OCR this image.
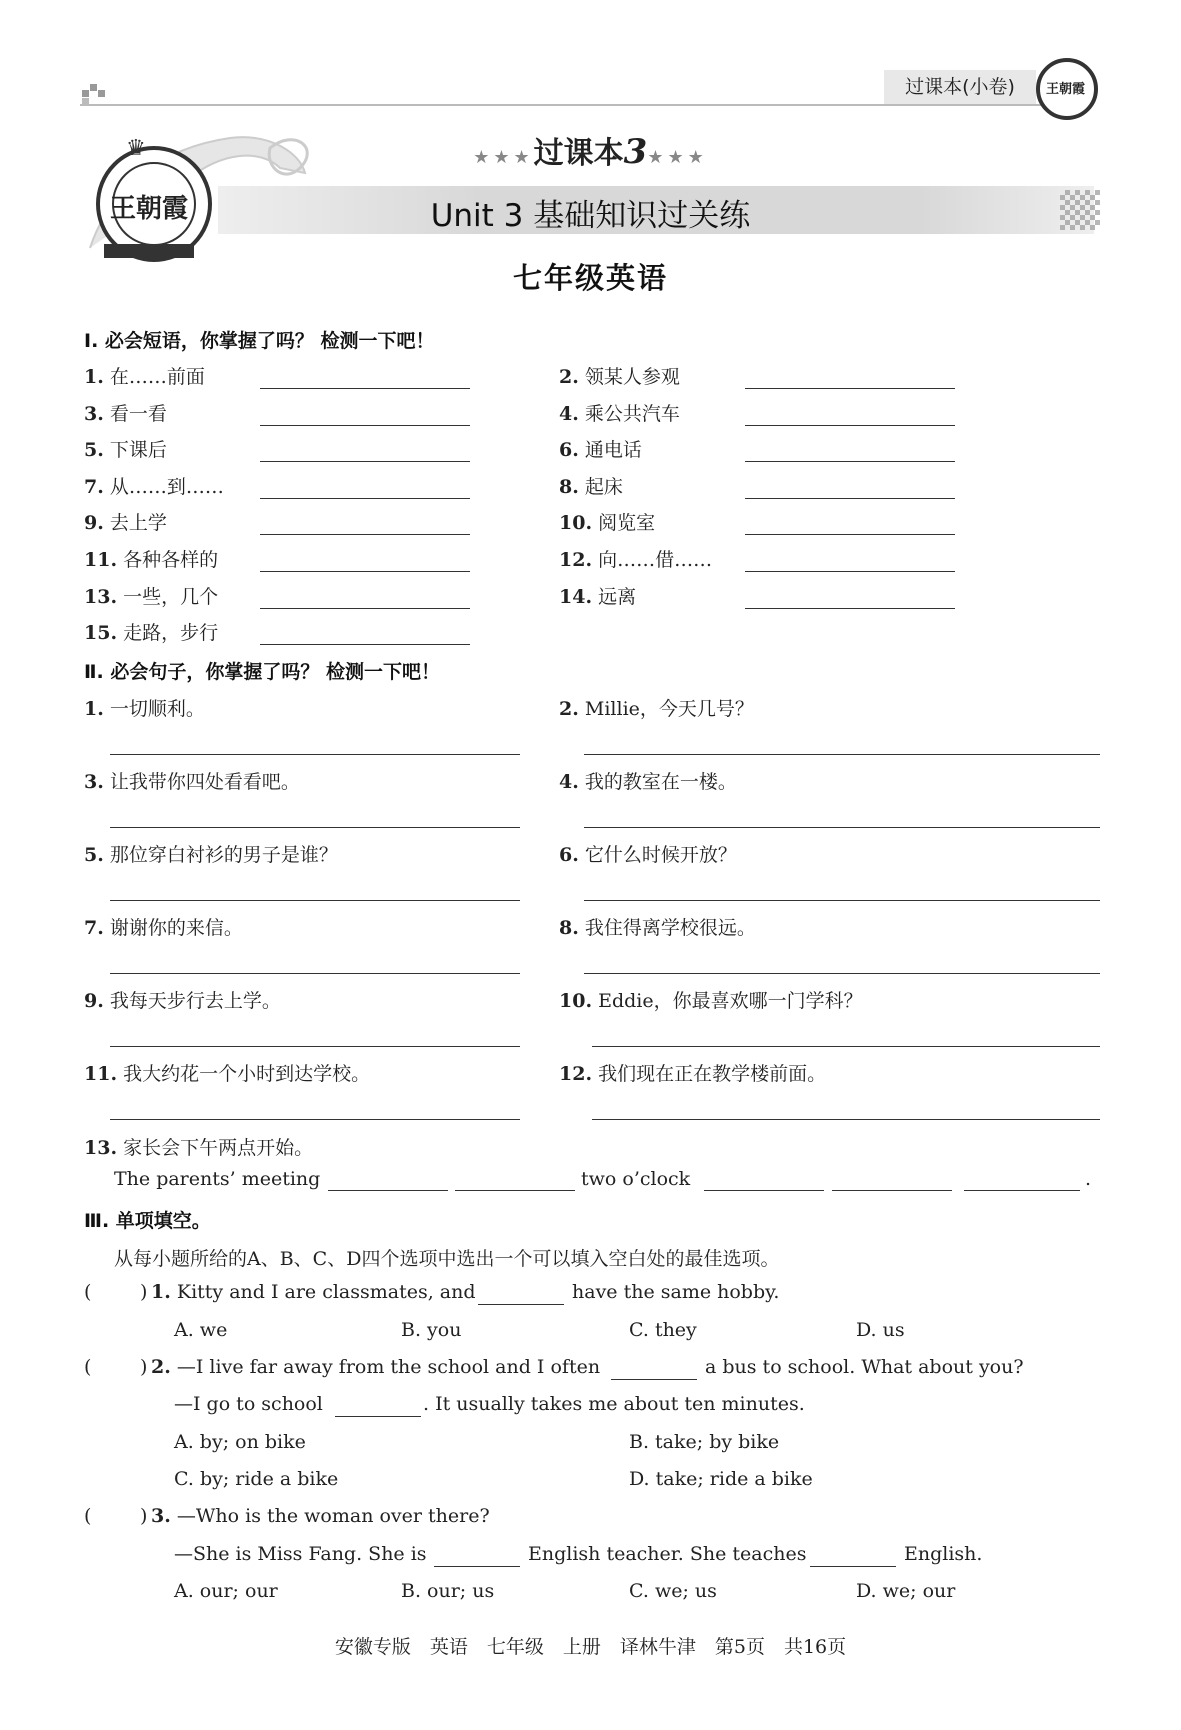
过课本(小卷)	王朝霞
♛
王朝霞
★★★过课本3★★★
Unit 3 基础知识过关练
七年级英语
Ⅰ. 必会短语，你掌握了吗？ 检测一下吧！
1. 在……前面	2. 领某人参观
3. 看一看	4. 乘公共汽车
5. 下课后	6. 通电话
7. 从……到……	8. 起床
9. 去上学	10. 阅览室
11. 各种各样的	12. 向……借……
13. 一些，几个	14. 远离
15. 走路，步行
Ⅱ. 必会句子，你掌握了吗？ 检测一下吧！
1. 一切顺利。	2. Millie，今天几号？
3. 让我带你四处看看吧。	4. 我的教室在一楼。
5. 那位穿白衬衫的男子是谁？	6. 它什么时候开放？
7. 谢谢你的来信。	8. 我住得离学校很远。
9. 我每天步行去上学。	10. Eddie，你最喜欢哪一门学科？
11. 我大约花一个小时到达学校。	12. 我们现在正在教学楼前面。
13. 家长会下午两点开始。
The parents’ meeting	two o’clock	.
Ⅲ. 单项填空。
从每小题所给的A、B、C、D四个选项中选出一个可以填入空白处的最佳选项。
(	) 1. Kitty and I are classmates, and	have the same hobby.
A. we	B. you	C. they	D. us
(	) 2. —I live far away from the school and I often	a bus to school. What about you?
—I go to school	. It usually takes me about ten minutes.
A. by; on bike	B. take; by bike
C. by; ride a bike	D. take; ride a bike
(	) 3. —Who is the woman over there?
—She is Miss Fang. She is	English teacher. She teaches	English.
A. our; our	B. our; us	C. we; us	D. we; our
安徽专版　英语　七年级　上册　译林牛津　第5页　共16页
